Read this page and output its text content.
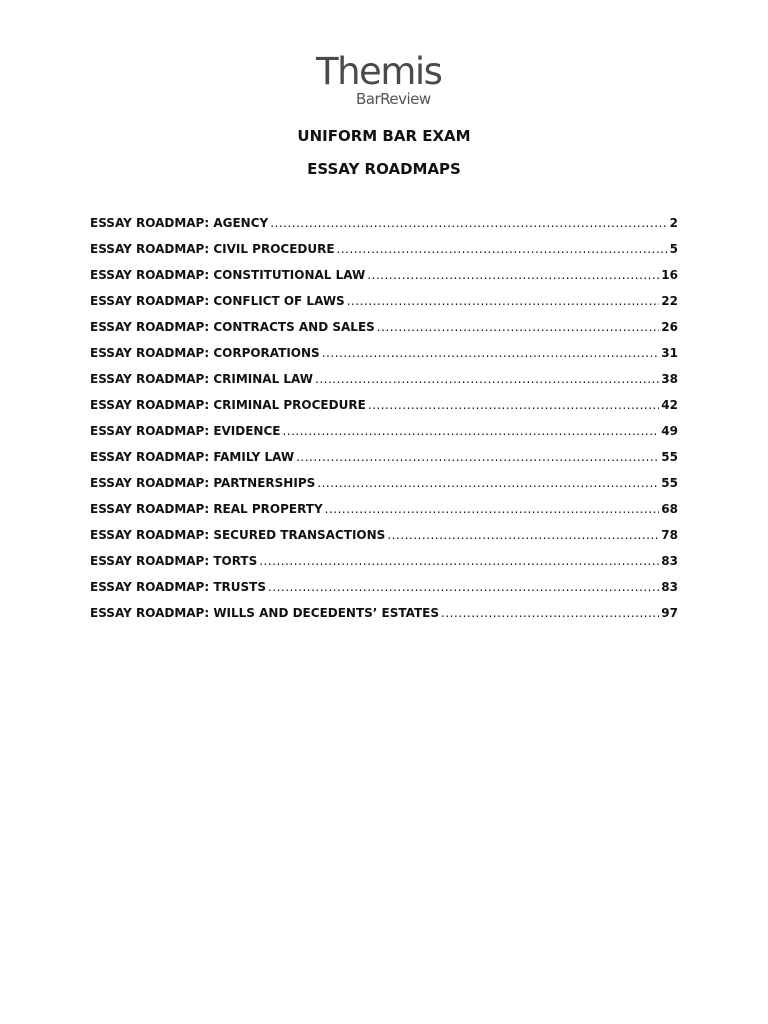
Themis
BarReview
UNIFORM BAR EXAM
ESSAY ROADMAPS
ESSAY ROADMAP: AGENCY .....	2
ESSAY ROADMAP: CIVIL PROCEDURE .....	5
ESSAY ROADMAP: CONSTITUTIONAL LAW .....	16
ESSAY ROADMAP: CONFLICT OF LAWS .....	22
ESSAY ROADMAP: CONTRACTS AND SALES .....	26
ESSAY ROADMAP: CORPORATIONS .....	31
ESSAY ROADMAP: CRIMINAL LAW .....	38
ESSAY ROADMAP: CRIMINAL PROCEDURE .....	42
ESSAY ROADMAP: EVIDENCE .....	49
ESSAY ROADMAP: FAMILY LAW .....	55
ESSAY ROADMAP: PARTNERSHIPS .....	55
ESSAY ROADMAP: REAL PROPERTY .....	68
ESSAY ROADMAP: SECURED TRANSACTIONS .....	78
ESSAY ROADMAP: TORTS .....	83
ESSAY ROADMAP: TRUSTS .....	83
ESSAY ROADMAP: WILLS AND DECEDENTS’ ESTATES .....	97
